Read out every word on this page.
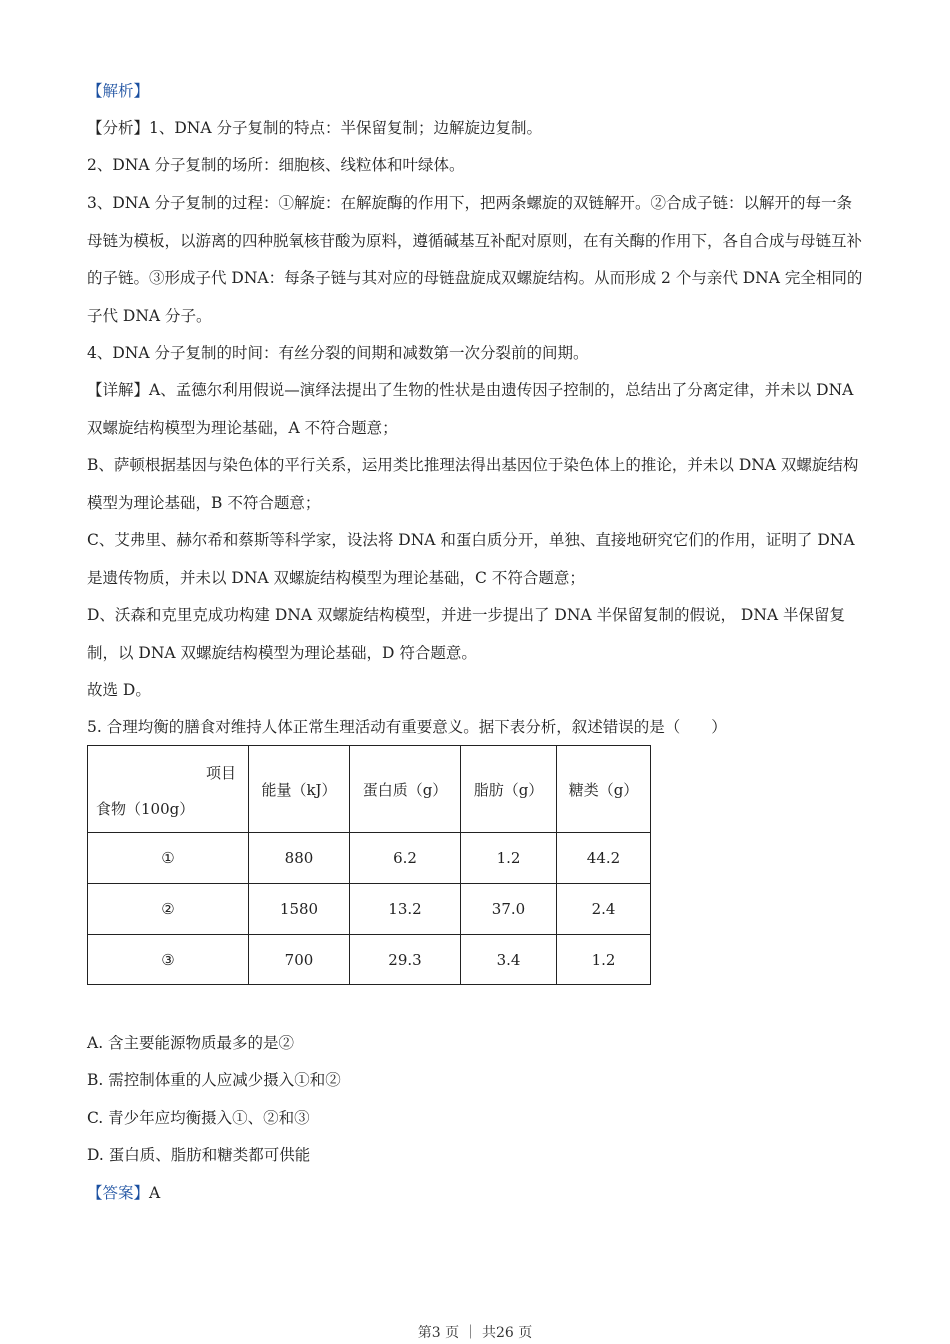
【解析】
【分析】1、DNA 分子复制的特点：半保留复制；边解旋边复制。
2、DNA 分子复制的场所：细胞核、线粒体和叶绿体。
3、DNA 分子复制的过程：①解旋：在解旋酶的作用下，把两条螺旋的双链解开。②合成子链：以解开的每一条母链为模板，以游离的四种脱氧核苷酸为原料，遵循碱基互补配对原则，在有关酶的作用下，各自合成与母链互补的子链。③形成子代 DNA：每条子链与其对应的母链盘旋成双螺旋结构。从而形成 2 个与亲代 DNA 完全相同的子代 DNA 分子。
4、DNA 分子复制的时间：有丝分裂的间期和减数第一次分裂前的间期。
【详解】A、孟德尔利用假说—演绎法提出了生物的性状是由遗传因子控制的，总结出了分离定律，并未以 DNA 双螺旋结构模型为理论基础，A 不符合题意；
B、萨顿根据基因与染色体的平行关系，运用类比推理法得出基因位于染色体上的推论，并未以 DNA 双螺旋结构模型为理论基础，B 不符合题意；
C、艾弗里、赫尔希和蔡斯等科学家，设法将 DNA 和蛋白质分开，单独、直接地研究它们的作用，证明了 DNA 是遗传物质，并未以 DNA 双螺旋结构模型为理论基础，C 不符合题意；
D、沃森和克里克成功构建 DNA 双螺旋结构模型，并进一步提出了 DNA 半保留复制的假说， DNA 半保留复制，以 DNA 双螺旋结构模型为理论基础，D 符合题意。
故选 D。
5. 合理均衡的膳食对维持人体正常生理活动有重要意义。据下表分析，叙述错误的是（　　）
项目
食物（100g）	能量（kJ）	蛋白质（g）	脂肪（g）	糖类（g）
①	880	6.2	1.2	44.2
②	1580	13.2	37.0	2.4
③	700	29.3	3.4	1.2
A. 含主要能源物质最多的是②
B. 需控制体重的人应减少摄入①和②
C. 青少年应均衡摄入①、②和③
D. 蛋白质、脂肪和糖类都可供能
【答案】A
第3 页 ｜ 共26 页
